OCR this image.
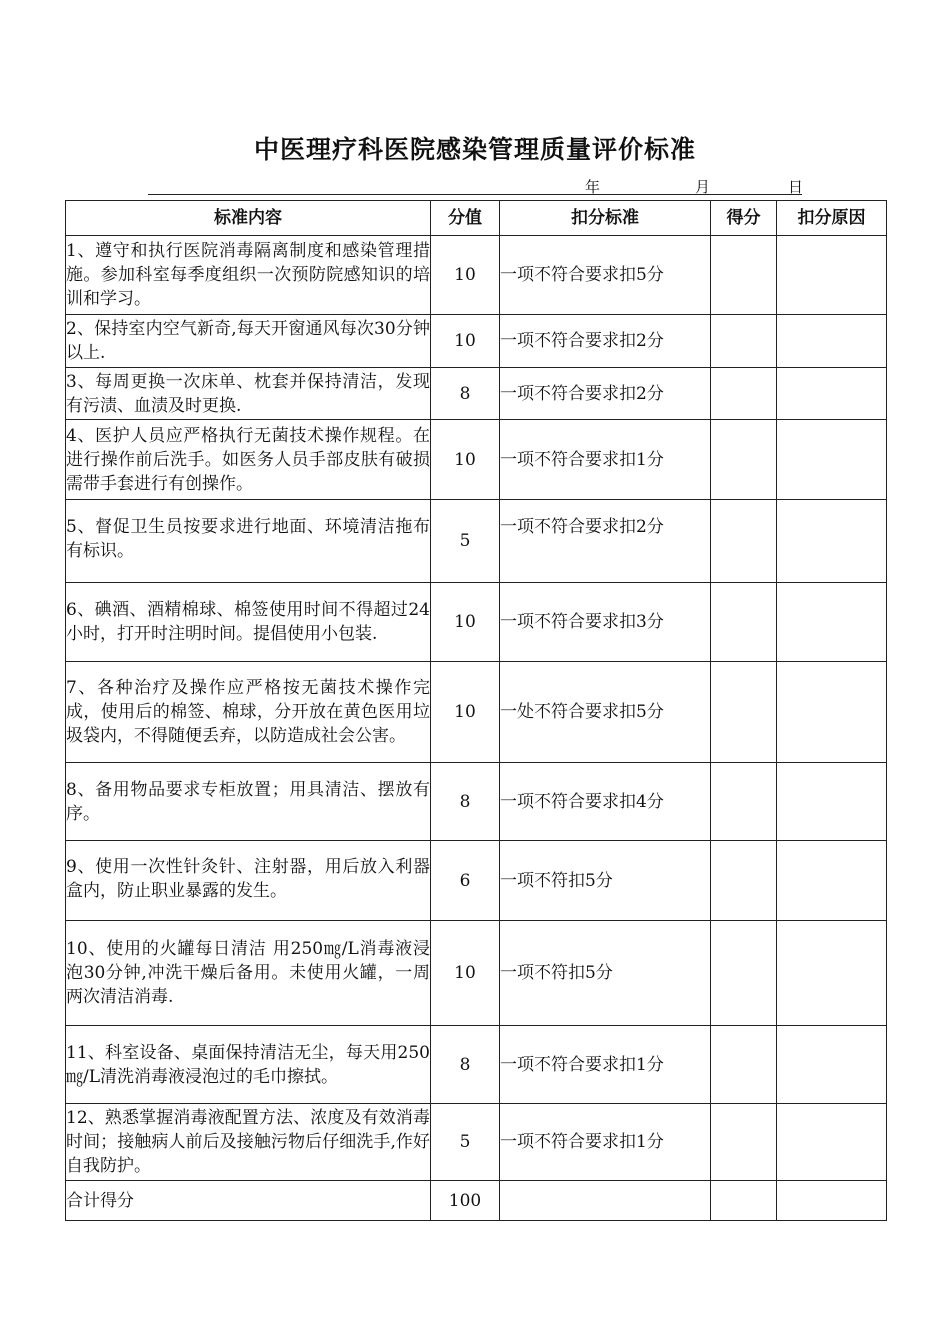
中医理疗科医院感染管理质量评价标准
年	月	日
标准内容	分值	扣分标准	得分	扣分原因
1、遵守和执行医院消毒隔离制度和感染管理措施。参加科室每季度组织一次预防院感知识的培训和学习。	10	一项不符合要求扣5分		
2、保持室内空气新奇,每天开窗通风每次30分钟以上.	10	一项不符合要求扣2分		
3、每周更换一次床单、枕套并保持清洁，发现有污渍、血渍及时更换.	8	一项不符合要求扣2分		
4、医护人员应严格执行无菌技术操作规程。在进行操作前后洗手。如医务人员手部皮肤有破损需带手套进行有创操作。	10	一项不符合要求扣1分		
5、督促卫生员按要求进行地面、环境清洁拖布有标识。	5	一项不符合要求扣2分		
6、碘酒、酒精棉球、棉签使用时间不得超过24小时，打开时注明时间。提倡使用小包装.	10	一项不符合要求扣3分		
7、各种治疗及操作应严格按无菌技术操作完成，使用后的棉签、棉球，分开放在黄色医用垃圾袋内，不得随便丢弃，以防造成社会公害。	10	一处不符合要求扣5分		
8、备用物品要求专柜放置；用具清洁、摆放有序。	8	一项不符合要求扣4分		
9、使用一次性针灸针、注射器，用后放入利器盒内，防止职业暴露的发生。	6	一项不符扣5分		
10、使用的火罐每日清洁 用250㎎/L消毒液浸泡30分钟,冲洗干燥后备用。未使用火罐，一周两次清洁消毒.	10	一项不符扣5分		
11、科室设备、桌面保持清洁无尘，每天用250㎎/L清洗消毒液浸泡过的毛巾擦拭。	8	一项不符合要求扣1分		
12、熟悉掌握消毒液配置方法、浓度及有效消毒时间；接触病人前后及接触污物后仔细洗手,作好自我防护。	5	一项不符合要求扣1分		
合计得分	100			
